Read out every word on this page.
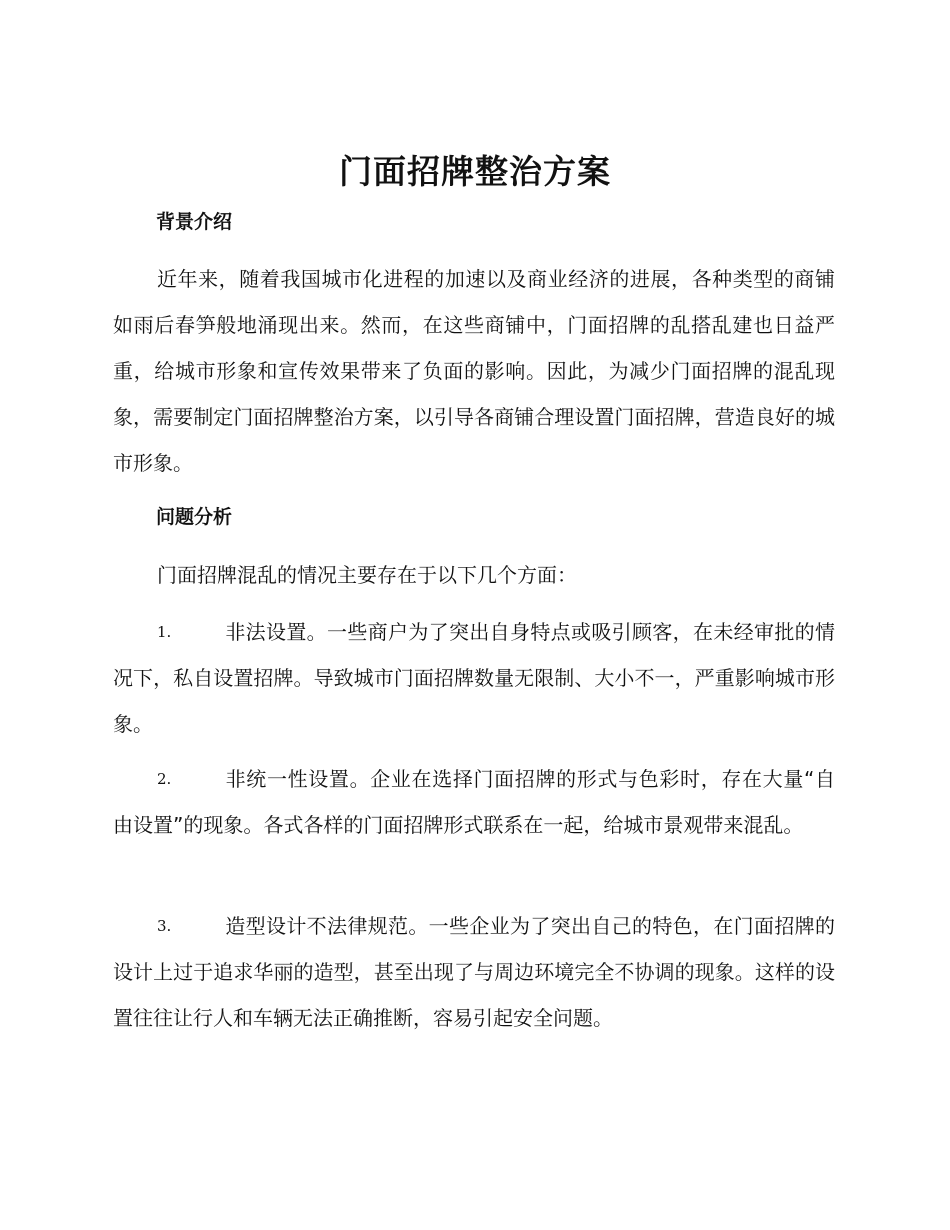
门面招牌整治方案
背景介绍
近年来，随着我国城市化进程的加速以及商业经济的进展，各种类型的商铺如雨后春笋般地涌现出来。然而，在这些商铺中，门面招牌的乱搭乱建也日益严重，给城市形象和宣传效果带来了负面的影响。因此，为减少门面招牌的混乱现象，需要制定门面招牌整治方案，以引导各商铺合理设置门面招牌，营造良好的城市形象。
问题分析
门面招牌混乱的情况主要存在于以下几个方面：
1.	非法设置。一些商户为了突出自身特点或吸引顾客，在未经审批的情况下，私自设置招牌。导致城市门面招牌数量无限制、大小不一，严重影响城市形象。
2.	非统一性设置。企业在选择门面招牌的形式与色彩时，存在大量“自由设置”的现象。各式各样的门面招牌形式联系在一起，给城市景观带来混乱。
3.	造型设计不法律规范。一些企业为了突出自己的特色，在门面招牌的设计上过于追求华丽的造型，甚至出现了与周边环境完全不协调的现象。这样的设置往往让行人和车辆无法正确推断，容易引起安全问题。
